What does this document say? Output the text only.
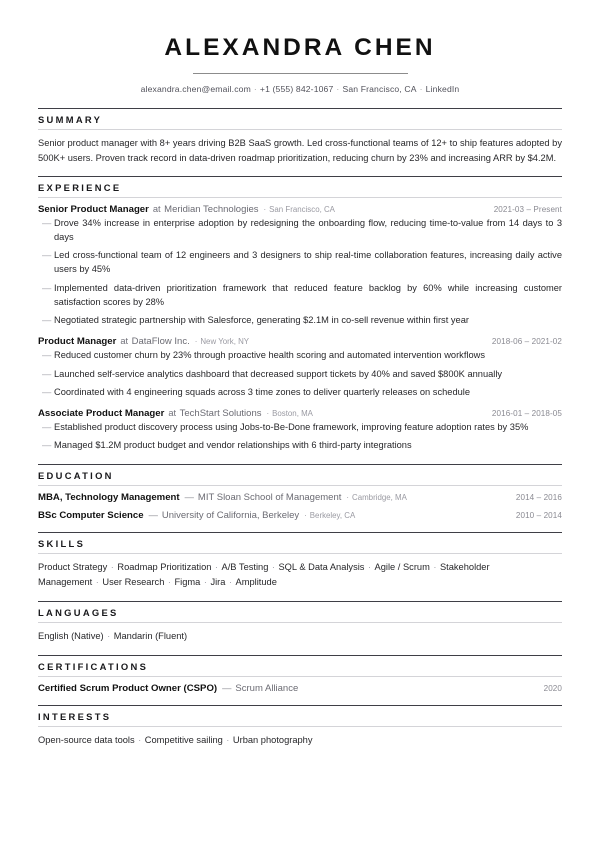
ALEXANDRA CHEN
alexandra.chen@email.com · +1 (555) 842-1067 · San Francisco, CA · LinkedIn
SUMMARY
Senior product manager with 8+ years driving B2B SaaS growth. Led cross-functional teams of 12+ to ship features adopted by 500K+ users. Proven track record in data-driven roadmap prioritization, reducing churn by 23% and increasing ARR by $4.2M.
EXPERIENCE
Senior Product Manager at Meridian Technologies · San Francisco, CA	2021-03 – Present
— Drove 34% increase in enterprise adoption by redesigning the onboarding flow, reducing time-to-value from 14 days to 3 days
— Led cross-functional team of 12 engineers and 3 designers to ship real-time collaboration features, increasing daily active users by 45%
— Implemented data-driven prioritization framework that reduced feature backlog by 60% while increasing customer satisfaction scores by 28%
— Negotiated strategic partnership with Salesforce, generating $2.1M in co-sell revenue within first year
Product Manager at DataFlow Inc. · New York, NY	2018-06 – 2021-02
— Reduced customer churn by 23% through proactive health scoring and automated intervention workflows
— Launched self-service analytics dashboard that decreased support tickets by 40% and saved $800K annually
— Coordinated with 4 engineering squads across 3 time zones to deliver quarterly releases on schedule
Associate Product Manager at TechStart Solutions · Boston, MA	2016-01 – 2018-05
— Established product discovery process using Jobs-to-Be-Done framework, improving feature adoption rates by 35%
— Managed $1.2M product budget and vendor relationships with 6 third-party integrations
EDUCATION
MBA, Technology Management — MIT Sloan School of Management · Cambridge, MA	2014 – 2016
BSc Computer Science — University of California, Berkeley · Berkeley, CA	2010 – 2014
SKILLS
Product Strategy · Roadmap Prioritization · A/B Testing · SQL & Data Analysis · Agile / Scrum · Stakeholder Management · User Research · Figma · Jira · Amplitude
LANGUAGES
English (Native) · Mandarin (Fluent)
CERTIFICATIONS
Certified Scrum Product Owner (CSPO) — Scrum Alliance	2020
INTERESTS
Open-source data tools · Competitive sailing · Urban photography
